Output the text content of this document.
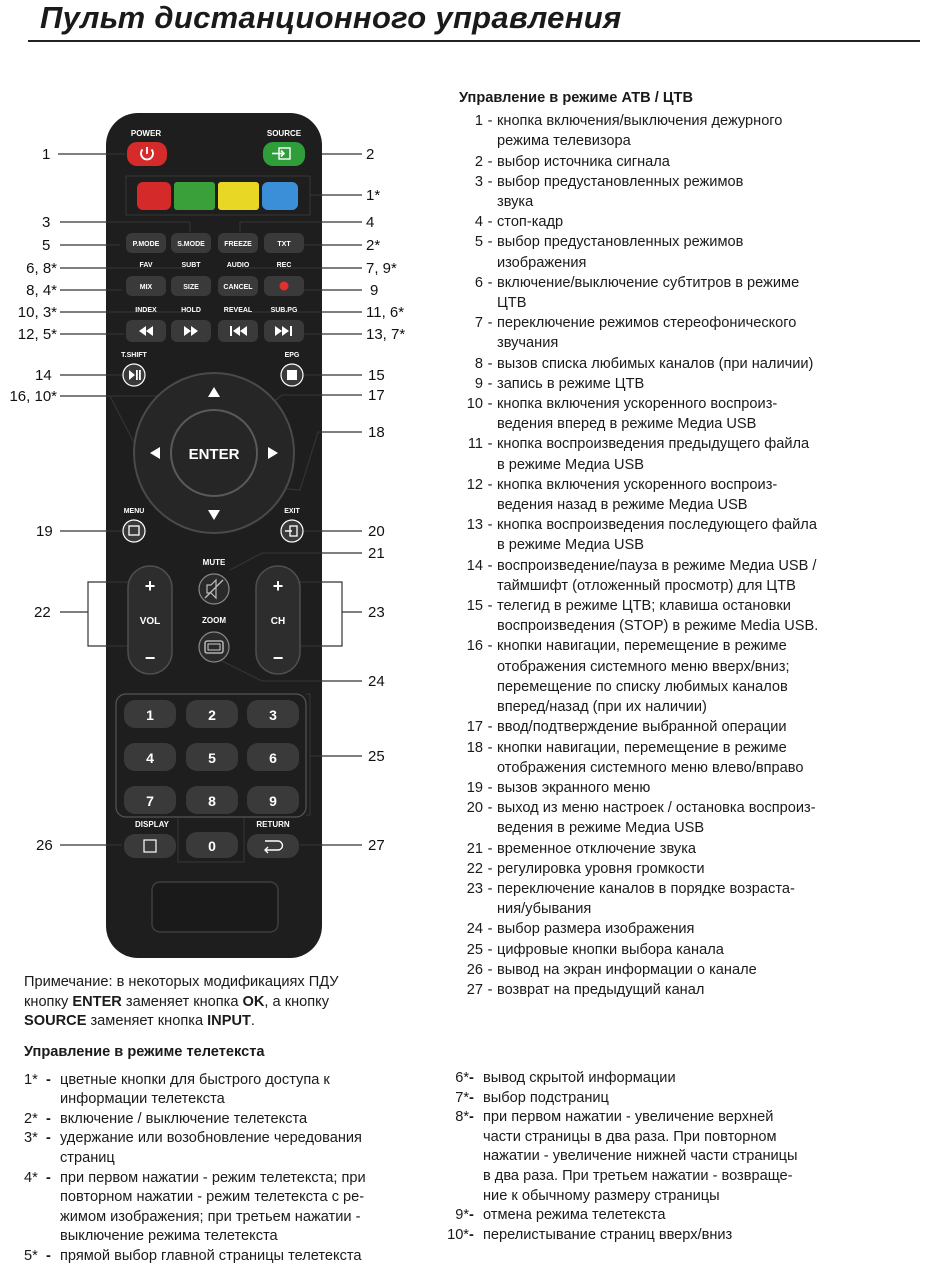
Пульт дистанционного управления
POWER	SOURCE
P.MODE	S.MODE	FREEZE	TXT
FAV	SUBT	AUDIO	REC
MIX	SIZE	CANCEL
INDEX	HOLD	REVEAL	SUB.PG
T.SHIFT	EPG
ENTER
MENU	EXIT
MUTE
+
VOL
−
+
CH
−
ZOOM
1	2	3
4	5	6
7	8	9
0
DISPLAY	RETURN
1	2
1*
3	4
5	2*
6, 8*	7, 9*
8, 4*	9
10, 3*	11, 6*
12, 5*	13, 7*
14	15
16, 10*	17
18
19	20
21
22	23
24
25
26	27
Управление в режиме АТВ / ЦТВ
1 - кнопка включения/выключения дежурного
режима телевизора
2 - выбор источника сигнала
3 - выбор предустановленных режимов
звука
4 - стоп-кадр
5 - выбор предустановленных режимов
изображения
6 - включение/выключение субтитров в режиме
ЦТВ
7 - переключение режимов стереофонического
звучания
8 - вызов списка любимых каналов (при наличии)
9 - запись в режиме ЦТВ
10 - кнопка включения ускоренного воспроиз-
ведения вперед в режиме Медиа USB
11 - кнопка воспроизведения предыдущего файла
в режиме Медиа USB
12 - кнопка включения ускоренного воспроиз-
ведения назад в режиме Медиа USB
13 - кнопка воспроизведения последующего файла
в режиме Медиа USB
14 - воспроизведение/пауза в режиме Медиа USB /
таймшифт (отложенный просмотр) для ЦТВ
15 - телегид в режиме ЦТВ; клавиша остановки
воспроизведения (STOP) в режиме Media USB.
16 - кнопки навигации, перемещение в режиме
отображения системного меню вверх/вниз;
перемещение по списку любимых каналов
вперед/назад (при их наличии)
17 - ввод/подтверждение выбранной операции
18 - кнопки навигации, перемещение в режиме
отображения системного меню влево/вправо
19 - вызов экранного меню
20 - выход из меню настроек / остановка воспроиз-
ведения в режиме Медиа USB
21 - временное отключение звука
22 - регулировка уровня громкости
23 - переключение каналов в порядке возраста-
ния/убывания
24 - выбор размера изображения
25 - цифровые кнопки выбора канала
26 - вывод на экран информации о канале
27 - возврат на предыдущий канал
Примечание: в некоторых модификациях ПДУ
кнопку ENTER заменяет кнопка OK, а кнопку
SOURCE заменяет кнопка INPUT.
Управление в режиме телетекста
1* - цветные кнопки для быстрого доступа к
информации телетекста
2* - включение / выключение телетекста
3* - удержание или возобновление чередования
страниц
4* - при первом нажатии - режим телетекста; при
повторном нажатии - режим телетекста с ре-
жимом изображения; при третьем нажатии -
выключение режима телетекста
5* - прямой выбор главной страницы телетекста
6* - вывод скрытой информации
7* - выбор подстраниц
8* - при первом нажатии - увеличение верхней
части страницы в два раза. При повторном
нажатии - увеличение нижней части страницы
в два раза. При третьем нажатии - возвраще-
ние к обычному размеру страницы
9* - отмена режима телетекста
10* - перелистывание страниц вверх/вниз
